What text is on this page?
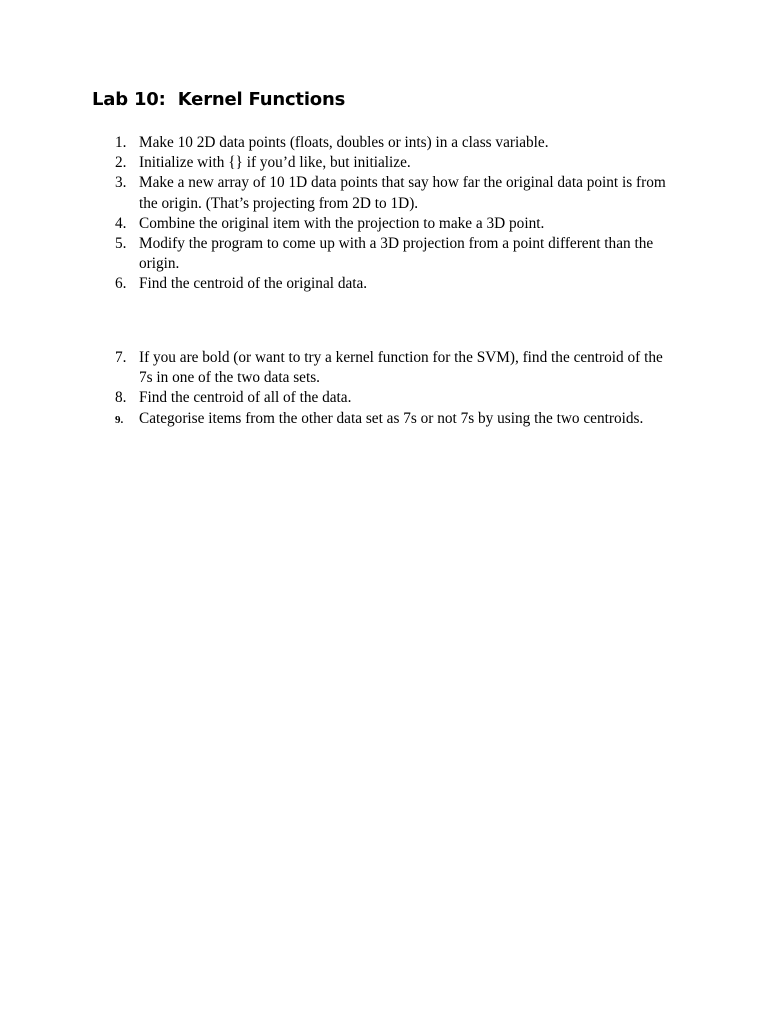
Lab 10:  Kernel Functions
1. Make 10 2D data points (floats, doubles or ints) in a class variable.
2. Initialize with {} if you’d like, but initialize.
3. Make a new array of 10 1D data points that say how far the original data point is from the origin. (That’s projecting from 2D to 1D).
4. Combine the original item with the projection to make a 3D point.
5. Modify the program to come up with a 3D projection from a point different than the origin.
6. Find the centroid of the original data.
7. If you are bold (or want to try a kernel function for the SVM), find the centroid of the 7s in one of the two data sets.
8. Find the centroid of all of the data.
9. Categorise items from the other data set as 7s or not 7s by using the two centroids.
